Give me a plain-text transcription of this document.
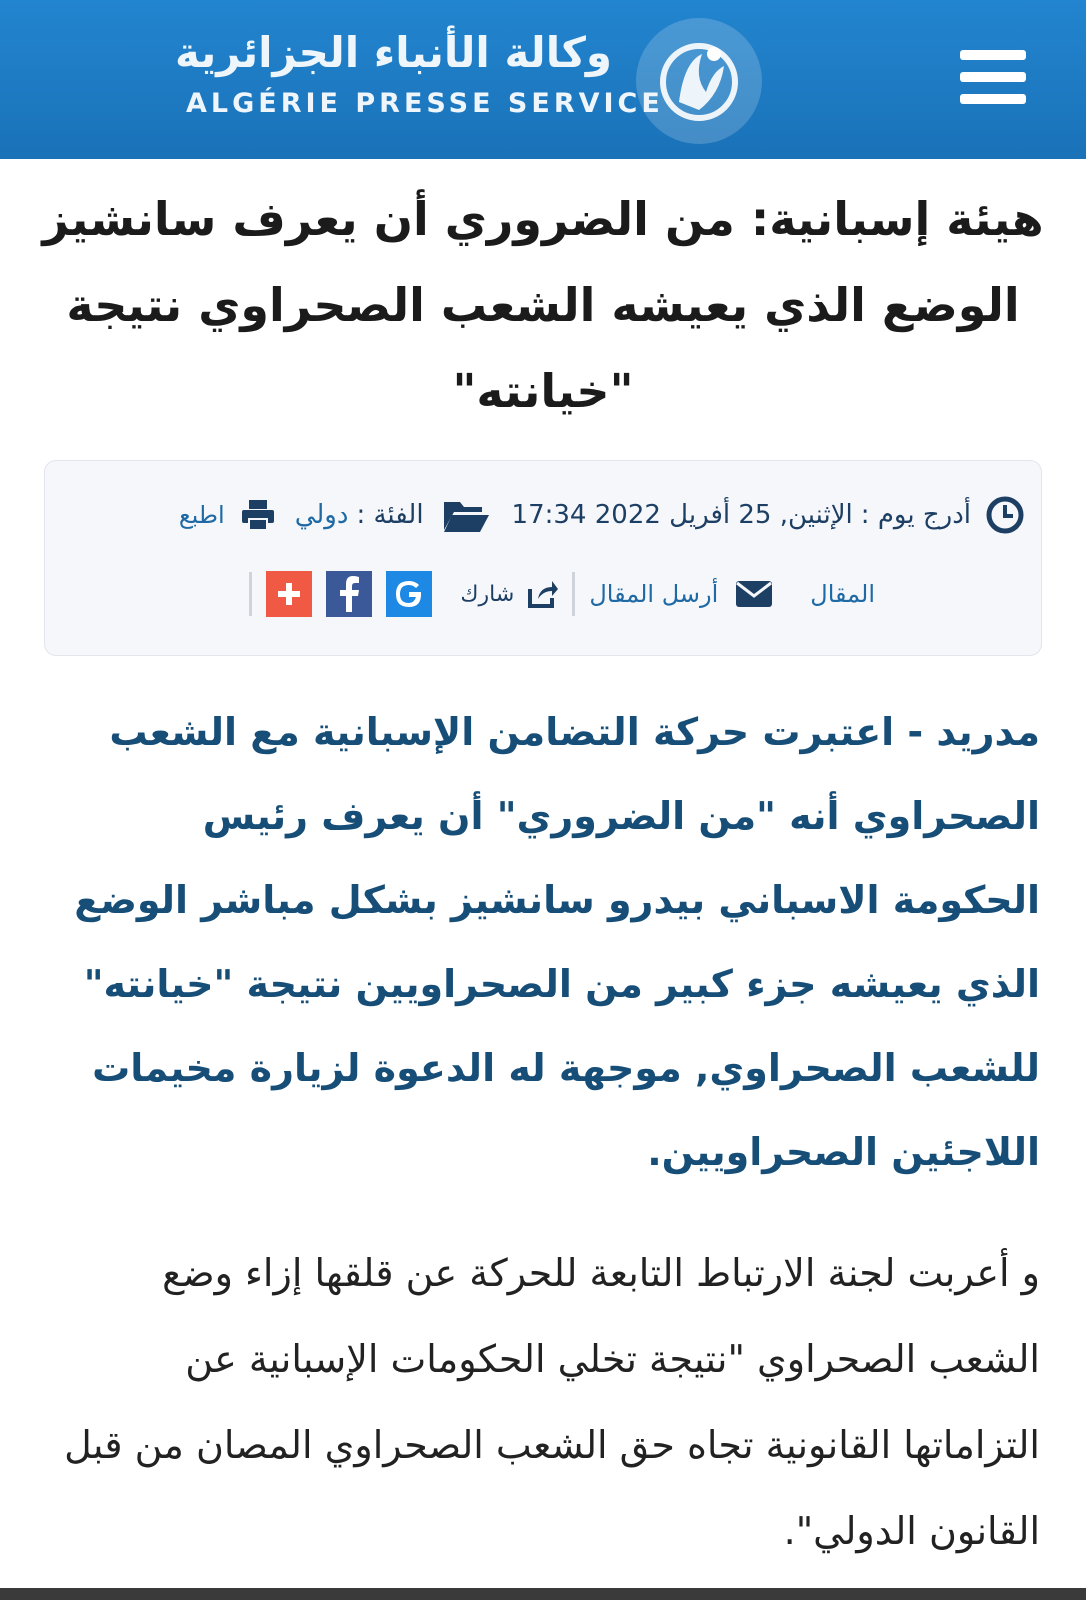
وكالة الأنباء الجزائرية
ALGÉRIE PRESSE SERVICE
هيئة إسبانية: من الضروري أن يعرف سانشيز الوضع الذي يعيشه الشعب الصحراوي نتيجة "خيانته"
أدرج يوم :
الإثنين, 25 أفريل 2022 17:34
الفئة :
دولي
اطبع
المقال
أرسل المقال
شارك

مدريد - اعتبرت حركة التضامن الإسبانية مع الشعب الصحراوي أنه "من الضروري" أن يعرف رئيس الحكومة الاسباني بيدرو سانشيز بشكل مباشر الوضع الذي يعيشه جزء كبير من الصحراويين نتيجة "خيانته" للشعب الصحراوي, موجهة له الدعوة لزيارة مخيمات اللاجئين الصحراويين.

و أعربت لجنة الارتباط التابعة للحركة عن قلقها إزاء وضع الشعب الصحراوي "نتيجة تخلي الحكومات الإسبانية عن التزاماتها القانونية تجاه حق الشعب الصحراوي المصان من قبل القانون الدولي".
